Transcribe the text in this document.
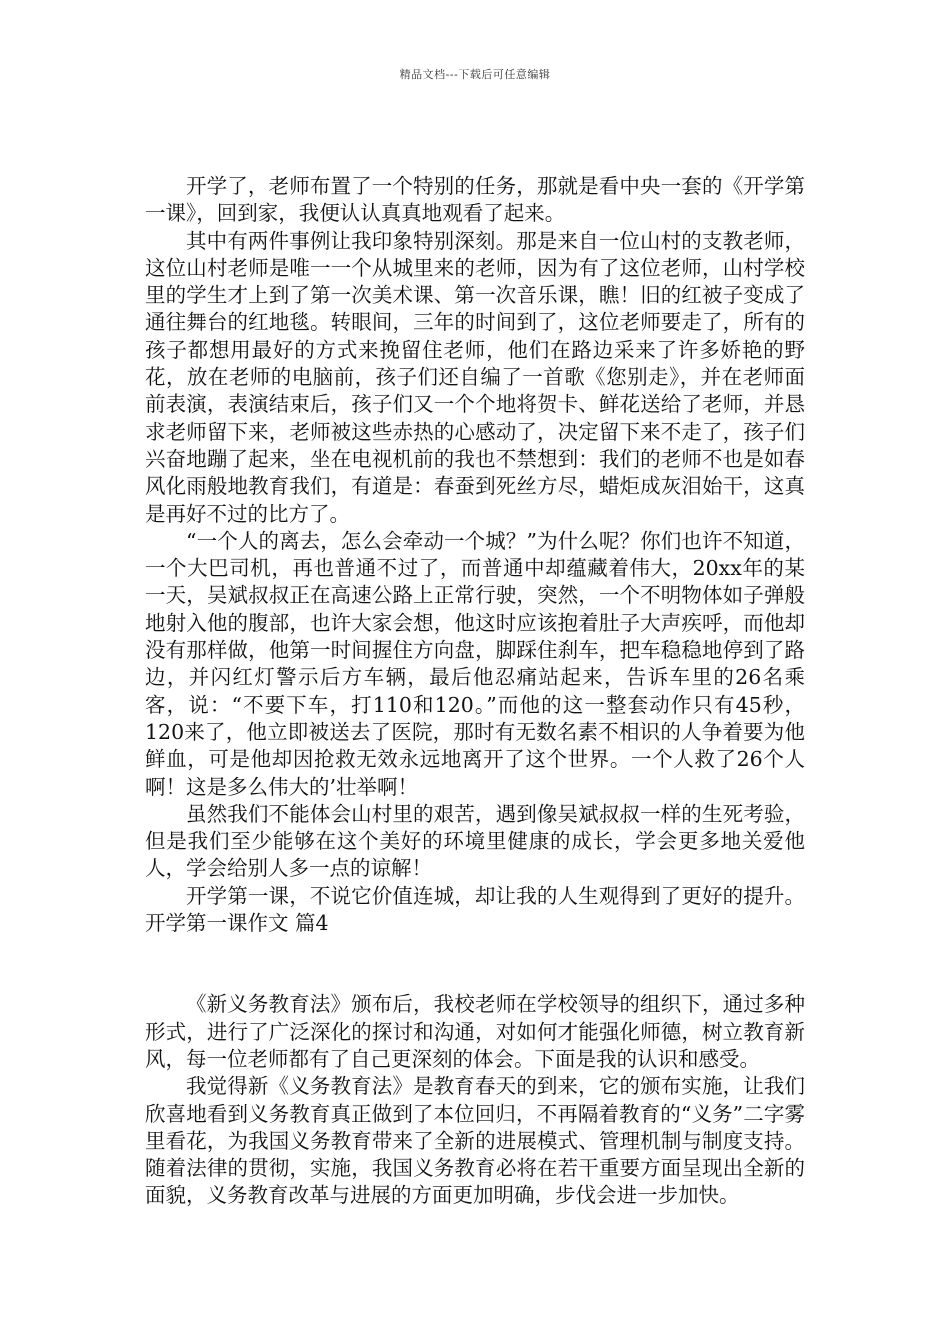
精品文档---下载后可任意编辑

开学了，老师布置了一个特别的任务，那就是看中央一套的《开学第一课》，回到家，我便认认真真地观看了起来。

其中有两件事例让我印象特别深刻。那是来自一位山村的支教老师，这位山村老师是唯一一个从城里来的老师，因为有了这位老师，山村学校里的学生才上到了第一次美术课、第一次音乐课，瞧！旧的红被子变成了通往舞台的红地毯。转眼间，三年的时间到了，这位老师要走了，所有的孩子都想用最好的方式来挽留住老师，他们在路边采来了许多娇艳的野花，放在老师的电脑前，孩子们还自编了一首歌《您别走》，并在老师面前表演，表演结束后，孩子们又一个个地将贺卡、鲜花送给了老师，并恳求老师留下来，老师被这些赤热的心感动了，决定留下来不走了，孩子们兴奋地蹦了起来，坐在电视机前的我也不禁想到：我们的老师不也是如春风化雨般地教育我们，有道是：春蚕到死丝方尽，蜡炬成灰泪始干，这真是再好不过的比方了。

“一个人的离去，怎么会牵动一个城？”为什么呢？你们也许不知道，一个大巴司机，再也普通不过了，而普通中却蕴藏着伟大，20xx年的某一天，吴斌叔叔正在高速公路上正常行驶，突然，一个不明物体如子弹般地射入他的腹部，也许大家会想，他这时应该抱着肚子大声疾呼，而他却没有那样做，他第一时间握住方向盘，脚踩住刹车，把车稳稳地停到了路边，并闪红灯警示后方车辆，最后他忍痛站起来，告诉车里的26名乘客，说：“不要下车，打110和120。”而他的这一整套动作只有45秒，120来了，他立即被送去了医院，那时有无数名素不相识的人争着要为他鲜血，可是他却因抢救无效永远地离开了这个世界。一个人救了26个人啊！这是多么伟大的’壮举啊！

虽然我们不能体会山村里的艰苦，遇到像吴斌叔叔一样的生死考验，但是我们至少能够在这个美好的环境里健康的成长，学会更多地关爱他人，学会给别人多一点的谅解！

开学第一课，不说它价值连城，却让我的人生观得到了更好的提升。开学第一课作文 篇4

《新义务教育法》颁布后，我校老师在学校领导的组织下，通过多种形式，进行了广泛深化的探讨和沟通，对如何才能强化师德，树立教育新风，每一位老师都有了自己更深刻的体会。下面是我的认识和感受。

我觉得新《义务教育法》是教育春天的到来，它的颁布实施，让我们欣喜地看到义务教育真正做到了本位回归，不再隔着教育的“义务”二字雾里看花，为我国义务教育带来了全新的进展模式、管理机制与制度支持。随着法律的贯彻，实施，我国义务教育必将在若干重要方面呈现出全新的面貌，义务教育改革与进展的方面更加明确，步伐会进一步加快。
